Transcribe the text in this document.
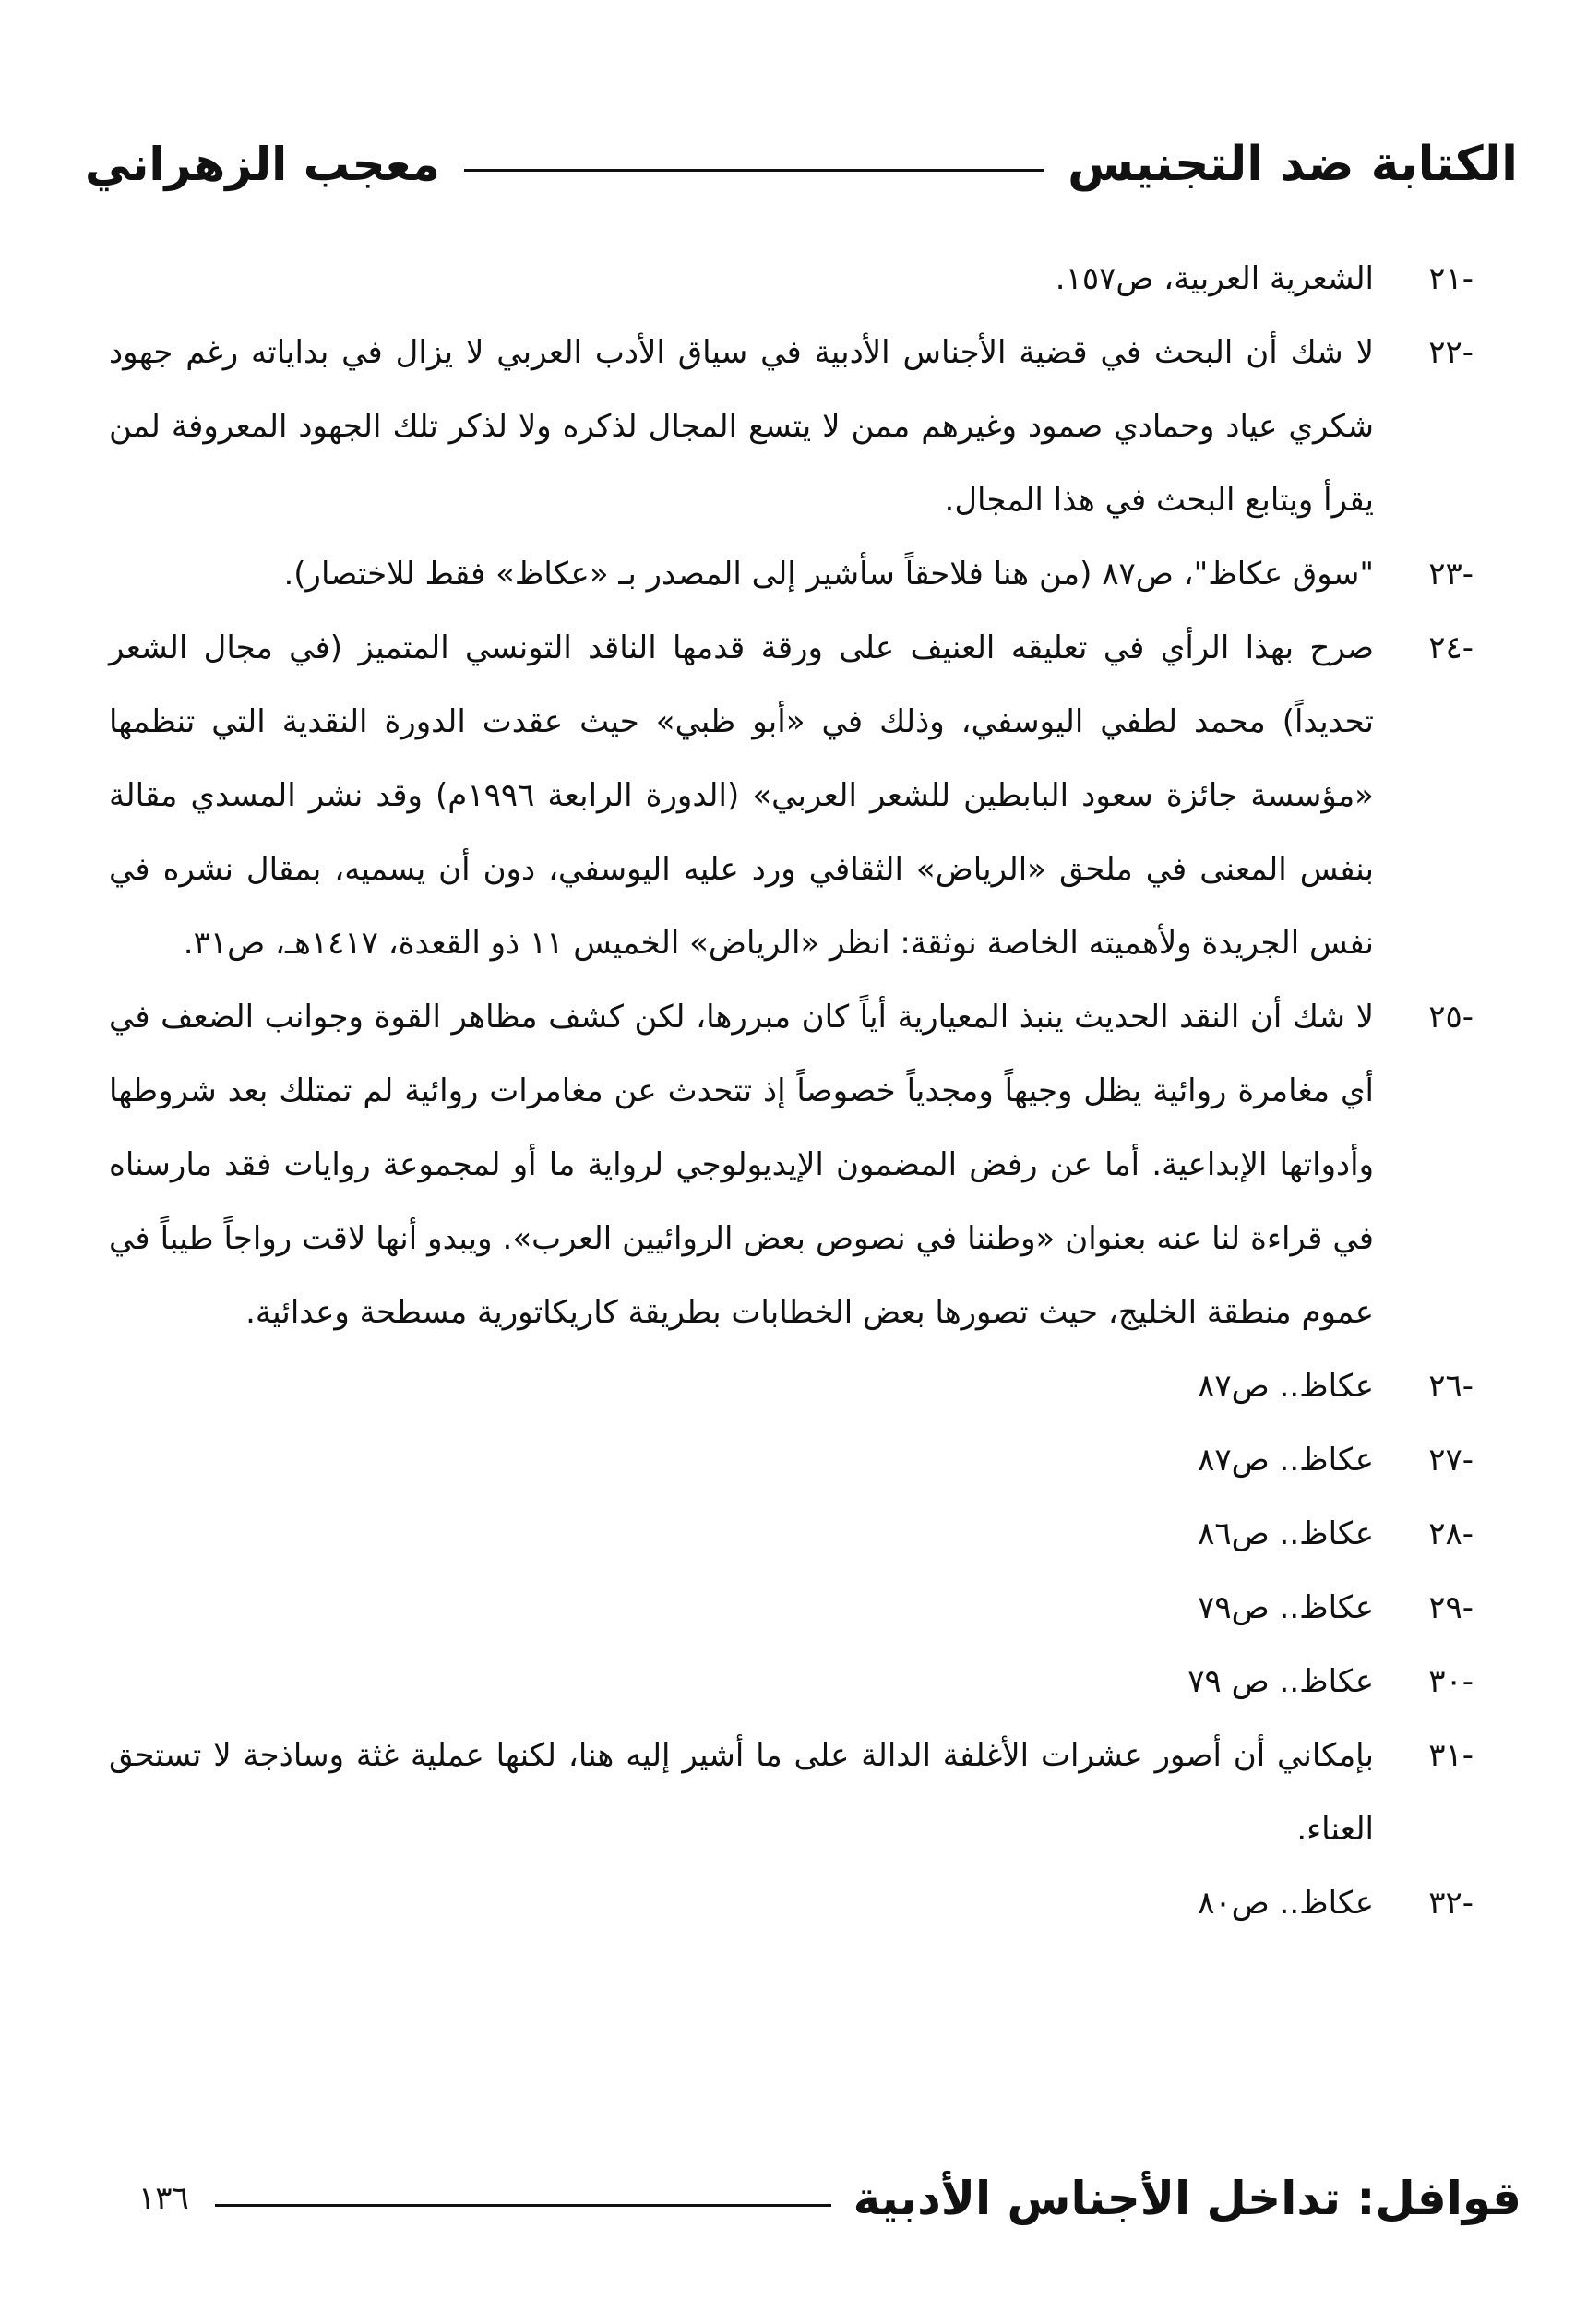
الكتابة ضد التجنيس
معجب الزهراني
-٢١
الشعرية العربية، ص١٥٧.
-٢٢
لا شك أن البحث في قضية الأجناس الأدبية في سياق الأدب العربي لا يزال في بداياته رغم جهود شكري عياد وحمادي صمود وغيرهم ممن لا يتسع المجال لذكره ولا لذكر تلك الجهود المعروفة لمن يقرأ ويتابع البحث في هذا المجال.
-٢٣
"سوق عكاظ"، ص٨٧ (من هنا فلاحقاً سأشير إلى المصدر بـ «عكاظ» فقط للاختصار).
-٢٤
صرح بهذا الرأي في تعليقه العنيف على ورقة قدمها الناقد التونسي المتميز (في مجال الشعر تحديداً) محمد لطفي اليوسفي، وذلك في «أبو ظبي» حيث عقدت الدورة النقدية التي تنظمها «مؤسسة جائزة سعود البابطين للشعر العربي» (الدورة الرابعة ١٩٩٦م) وقد نشر المسدي مقالة بنفس المعنى في ملحق «الرياض» الثقافي ورد عليه اليوسفي، دون أن يسميه، بمقال نشره في نفس الجريدة ولأهميته الخاصة نوثقة: انظر «الرياض» الخميس ١١ ذو القعدة، ١٤١٧هـ، ص٣١.
-٢٥
لا شك أن النقد الحديث ينبذ المعيارية أياً كان مبررها، لكن كشف مظاهر القوة وجوانب الضعف في أي مغامرة روائية يظل وجيهاً ومجدياً خصوصاً إذ تتحدث عن مغامرات روائية لم تمتلك بعد شروطها وأدواتها الإبداعية. أما عن رفض المضمون الإيديولوجي لرواية ما أو لمجموعة روايات فقد مارسناه في قراءة لنا عنه بعنوان «وطننا في نصوص بعض الروائيين العرب». ويبدو أنها لاقت رواجاً طيباً في عموم منطقة الخليج، حيث تصورها بعض الخطابات بطريقة كاريكاتورية مسطحة وعدائية.
-٢٦
عكاظ.. ص٨٧
-٢٧
عكاظ.. ص٨٧
-٢٨
عكاظ.. ص٨٦
-٢٩
عكاظ.. ص٧٩
-٣٠
عكاظ.. ص ٧٩
-٣١
بإمكاني أن أصور عشرات الأغلفة الدالة على ما أشير إليه هنا، لكنها عملية غثة وساذجة لا تستحق العناء.
-٣٢
عكاظ.. ص٨٠
قوافل: تداخل الأجناس الأدبية
١٣٦
